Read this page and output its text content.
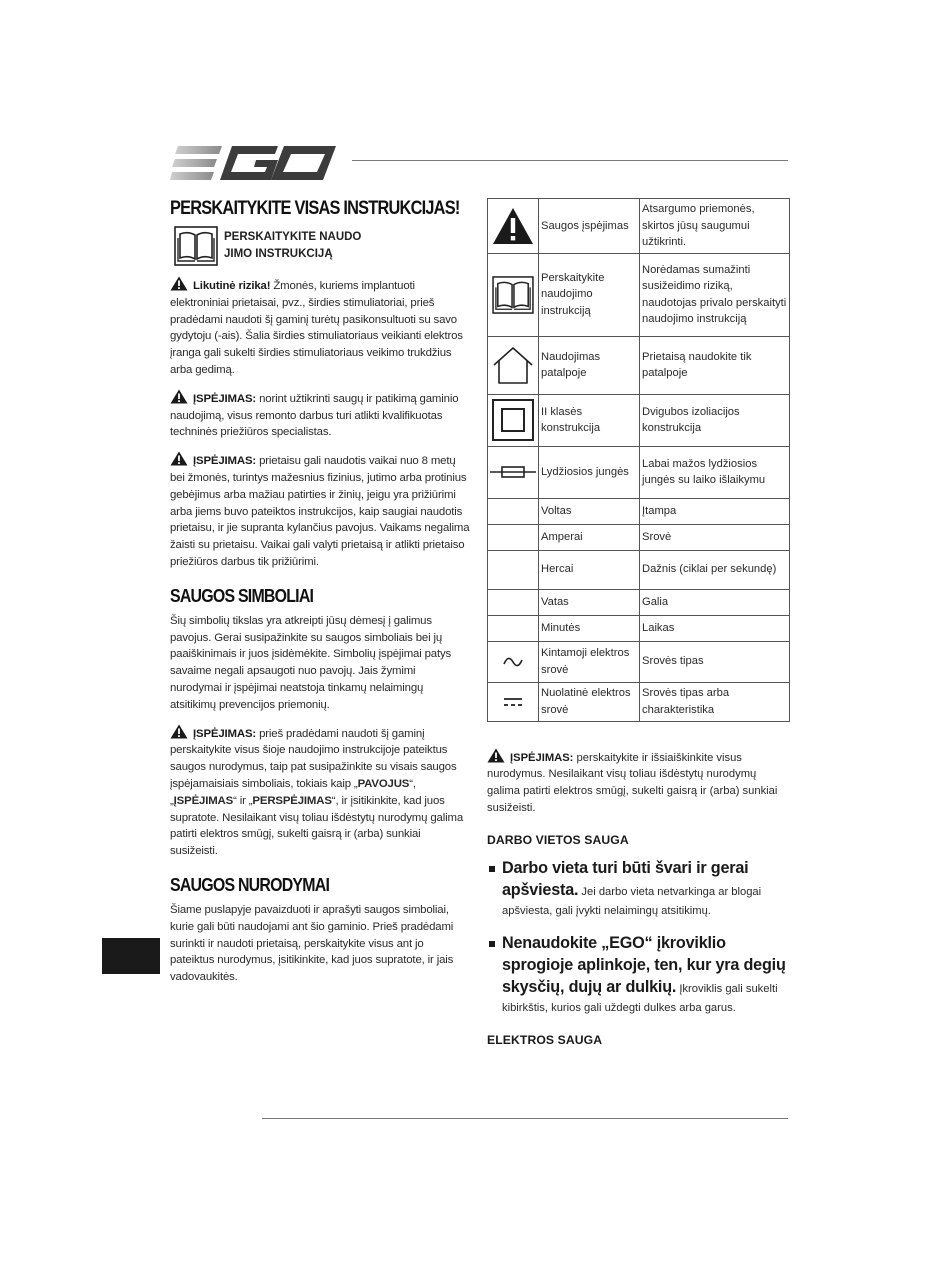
PERSKAITYKITE VISAS INSTRUKCIJAS!
PERSKAITYKITE NAUDO
JIMO INSTRUKCIJĄ

Likutinė rizika! Žmonės, kuriems implantuoti elektroniniai prietaisai, pvz., širdies stimuliatoriai, prieš pradėdami naudoti šį gaminį turėtų pasikonsultuoti su savo gydytoju (-ais). Šalia širdies stimuliatoriaus veikianti elektros įranga gali sukelti širdies stimuliatoriaus veikimo trukdžius arba gedimą.

ĮSPĖJIMAS: norint užtikrinti saugų ir patikimą gaminio naudojimą, visus remonto darbus turi atlikti kvalifikuotas techninės priežiūros specialistas.

ĮSPĖJIMAS: prietaisu gali naudotis vaikai nuo 8 metų bei žmonės, turintys mažesnius fizinius, jutimo arba protinius gebėjimus arba mažiau patirties ir žinių, jeigu yra prižiūrimi arba jiems buvo pateiktos instrukcijos, kaip saugiai naudotis prietaisu, ir jie supranta kylančius pavojus. Vaikams negalima žaisti su prietaisu. Vaikai gali valyti prietaisą ir atlikti prietaiso priežiūros darbus tik prižiūrimi.

SAUGOS SIMBOLIAI

Šių simbolių tikslas yra atkreipti jūsų dėmesį į galimus pavojus. Gerai susipažinkite su saugos simboliais bei jų paaiškinimais ir juos įsidėmėkite. Simbolių įspėjimai patys savaime negali apsaugoti nuo pavojų. Jais žymimi nurodymai ir įspėjimai neatstoja tinkamų nelaimingų atsitikimų prevencijos priemonių.

ĮSPĖJIMAS: prieš pradėdami naudoti šį gaminį perskaitykite visus šioje naudojimo instrukcijoje pateiktus saugos nurodymus, taip pat susipažinkite su visais saugos įspėjamaisiais simboliais, tokiais kaip „PAVOJUS“, „ĮSPĖJIMAS“ ir „PERSPĖJIMAS“, ir įsitikinkite, kad juos supratote. Nesilaikant visų toliau išdėstytų nurodymų galima patirti elektros smūgį, sukelti gaisrą ir (arba) sunkiai susižeisti.

SAUGOS NURODYMAI

Šiame puslapyje pavaizduoti ir aprašyti saugos simboliai, kurie gali būti naudojami ant šio gaminio. Prieš pradėdami surinkti ir naudoti prietaisą, perskaitykite visus ant jo pateiktus nurodymus, įsitikinkite, kad juos supratote, ir jais vadovaukitės.

	Saugos įspėjimas	Atsargumo priemonės, skirtos jūsų saugumui užtikrinti.

	Perskaitykite naudojimo instrukciją	Norėdamas sumažinti susižeidimo riziką, naudotojas privalo perskaityti naudojimo instrukciją

	Naudojimas patalpoje	Prietaisą naudokite tik patalpoje

	II klasės konstrukcija	Dvigubos izoliacijos konstrukcija

	Lydžiosios jungės	Labai mažos lydžiosios jungės su laiko išlaikymu
	Voltas	Įtampa
	Amperai	Srovė
	Hercai	Dažnis (ciklai per sekundę)
	Vatas	Galia
	Minutės	Laikas

	Kintamoji elektros srovė	Srovės tipas

	Nuolatinė elektros srovė	Srovės tipas arba charakteristika
ĮSPĖJIMAS: perskaitykite ir išsiaiškinkite visus nurodymus. Nesilaikant visų toliau išdėstytų nurodymų galima patirti elektros smūgį, sukelti gaisrą ir (arba) sunkiai susižeisti.
DARBO VIETOS SAUGA
Darbo vieta turi būti švari ir gerai apšviesta. Jei darbo vieta netvarkinga ar blogai apšviesta, gali įvykti nelaimingų atsitikimų.
Nenaudokite „EGO“ įkroviklio sprogioje aplinkoje, ten, kur yra degių skysčių, dujų ar dulkių. Įkroviklis gali sukelti kibirkštis, kurios gali uždegti dulkes arba garus.
ELEKTROS SAUGA
